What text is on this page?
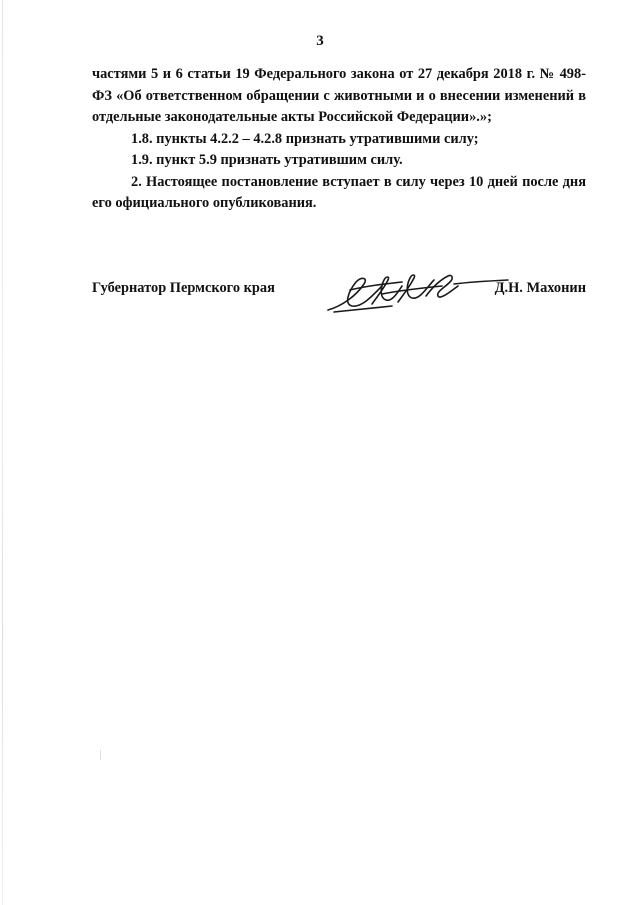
3

частями 5 и 6 статьи 19 Федерального закона от 27 декабря 2018 г. № 498-ФЗ «Об ответственном обращении с животными и о внесении изменений в отдельные законодательные акты Российской Федерации».»;

1.8. пункты 4.2.2 – 4.2.8 признать утратившими силу;

1.9. пункт 5.9 признать утратившим силу.

2. Настоящее постановление вступает в силу через 10 дней после дня его официального опубликования.

Губернатор Пермского края	Д.Н. Махонин
